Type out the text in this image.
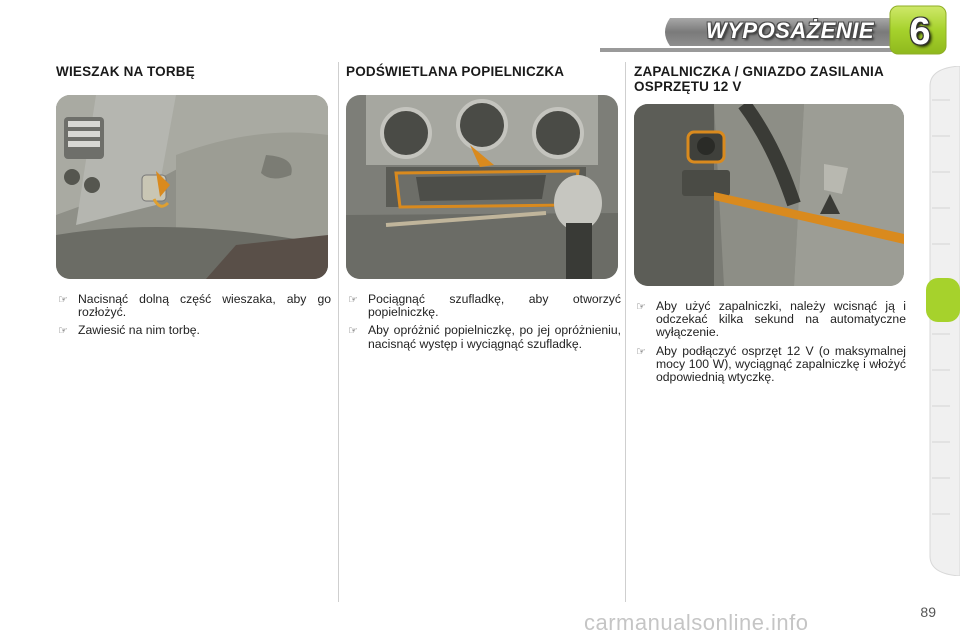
WYPOSAŻENIE 6
WIESZAK NA TORBĘ
☞ Nacisnąć dolną część wieszaka, aby go rozłożyć.
☞ Zawiesić na nim torbę.
PODŚWIETLANA POPIELNICZKA
☞ Pociągnąć szufladkę, aby otworzyć popielniczkę.
☞ Aby opróżnić popielniczkę, po jej opróżnieniu, nacisnąć występ i wyciągnąć szufladkę.
ZAPALNICZKA / GNIAZDO ZASILANIA OSPRZĘTU 12 V
☞ Aby użyć zapalniczki, należy wcisnąć ją i odczekać kilka sekund na automatyczne wyłączenie.
☞ Aby podłączyć osprzęt 12 V (o maksymalnej mocy 100 W), wyciągnąć zapalniczkę i włożyć odpowiednią wtyczkę.
89
carmanualsonline.info
